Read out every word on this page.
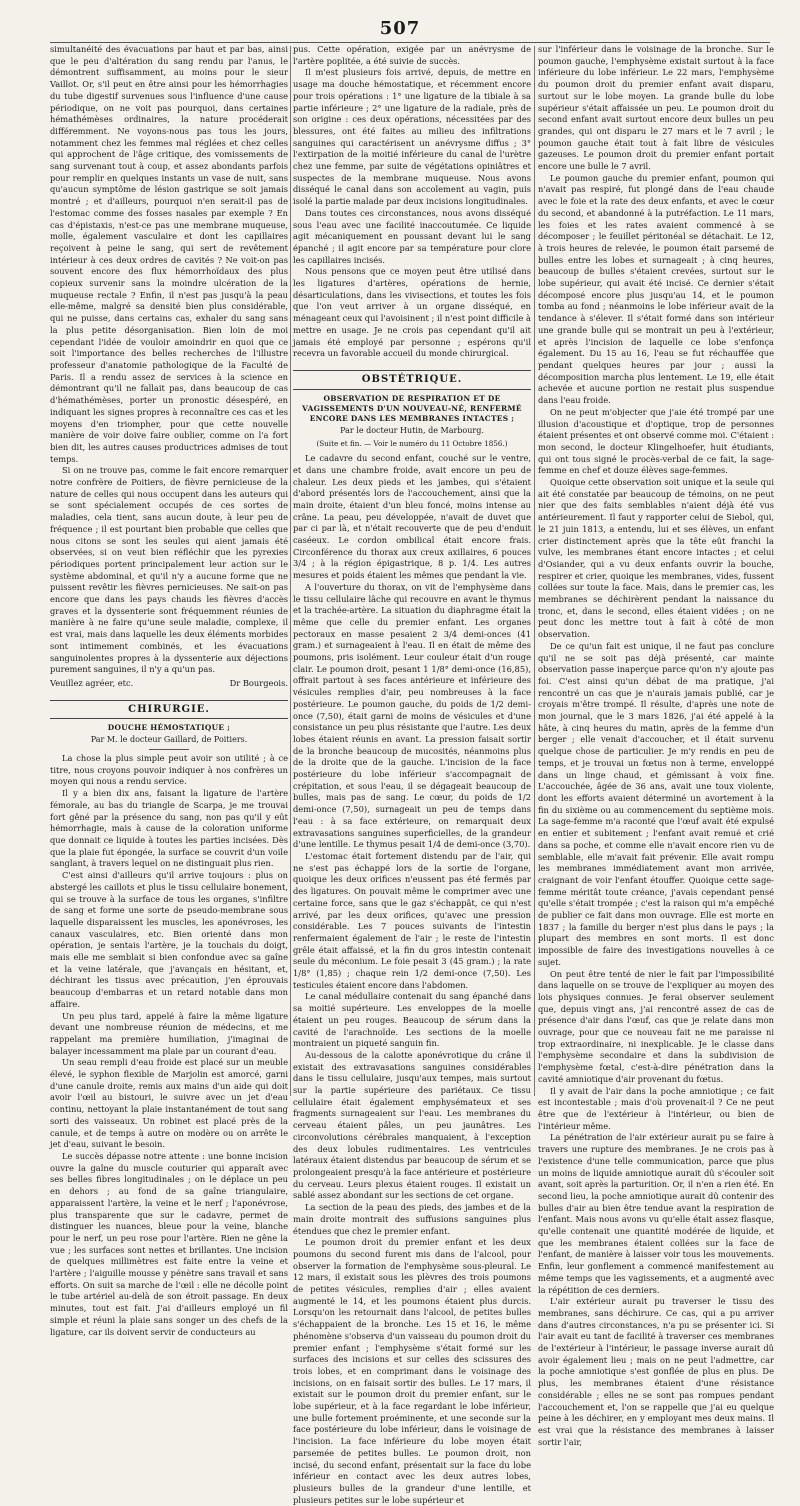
507

simultanéité des évacuations par haut et par bas, ainsi que le peu d'altération du sang rendu par l'anus, le démontrent suffisamment, au moins pour le sieur Vaillot. Or, s'il peut en être ainsi pour les hémorrhagies du tube digestif survenues sous l'influence d'une cause périodique, on ne voit pas pourquoi, dans certaines hémathémèses ordinaires, la nature procéderait différemment. Ne voyons-nous pas tous les jours, notamment chez les femmes mal réglées et chez celles qui approchent de l'âge critique, des vomissements de sang survenant tout à coup, et assez abondants parfois pour remplir en quelques instants un vase de nuit, sans qu'aucun symptôme de lésion gastrique se soit jamais montré ; et d'ailleurs, pourquoi n'en serait-il pas de l'estomac comme des fosses nasales par exemple ? En cas d'épistaxis, n'est-ce pas une membrane muqueuse, molle, également vasculaire et dont les capillaires reçoivent à peine le sang, qui sert de revêtement intérieur à ces deux ordres de cavités ? Ne voit-on pas souvent encore des flux hémorrhoïdaux des plus copieux survenir sans la moindre ulcération de la muqueuse rectale ? Enfin, il n'est pas jusqu'à la peau elle-même, malgré sa densité bien plus considérable, qui ne puisse, dans certains cas, exhaler du sang sans la plus petite désorganisation. Bien loin de moi cependant l'idée de vouloir amoindrir en quoi que ce soit l'importance des belles recherches de l'illustre professeur d'anatomie pathologique de la Faculté de Paris. Il a rendu assez de services à la science en démontrant qu'il ne fallait pas, dans beaucoup de cas d'hémathémèses, porter un pronostic désespéré, en indiquant les signes propres à reconnaître ces cas et les moyens d'en triompher, pour que cette nouvelle manière de voir doive faire oublier, comme on l'a fort bien dit, les autres causes productrices admises de tout temps.

Si on ne trouve pas, comme le fait encore remarquer notre confrère de Poitiers, de fièvre pernicieuse de la nature de celles qui nous occupent dans les auteurs qui se sont spécialement occupés de ces sortes de maladies, cela tient, sans aucun doute, à leur peu de fréquence ; il est pourtant bien probable que celles que nous citons se sont les seules qui aient jamais été observées, si on veut bien réfléchir que les pyrexies périodiques portent principalement leur action sur le système abdominal, et qu'il n'y a aucune forme que ne puissent revêtir les fièvres pernicieuses. Ne sait-on pas encore que dans les pays chauds les fièvres d'accès graves et la dyssenterie sont fréquemment réunies de manière à ne faire qu'une seule maladie, complexe, il est vrai, mais dans laquelle les deux éléments morbides sont intimement combinés, et les évacuations sanguinolentes propres à la dyssenterie aux déjections purement sanguines, il n'y a qu'un pas.

Veuillez agréer, etc.	Dr Bourgeois.
CHIRURGIE.
DOUCHE HÉMOSTATIQUE ;

Par M. le docteur Gaillard, de Poitiers.

La chose la plus simple peut avoir son utilité ; à ce titre, nous croyons pouvoir indiquer à nos confrères un moyen qui nous a rendu service.

Il y a bien dix ans, faisant la ligature de l'artère fémorale, au bas du triangle de Scarpa, je me trouvai fort gêné par la présence du sang, non pas qu'il y eût hémorrhagie, mais à cause de la coloration uniforme que donnait ce liquide à toutes les parties incisées. Dès que la plaie fut épongée, la surface se couvrit d'un voile sanglant, à travers lequel on ne distinguait plus rien.

C'est ainsi d'ailleurs qu'il arrive toujours : plus on abstergé les caillots et plus le tissu cellulaire bonement, qui se trouve à la surface de tous les organes, s'infiltre de sang et forme une sorte de pseudo-membrane sous laquelle disparaissent les muscles, les aponévroses, les canaux vasculaires, etc. Bien orienté dans mon opération, je sentais l'artère, je la touchais du doigt, mais elle me semblait si bien confondue avec sa gaîne et la veine latérale, que j'avançais en hésitant, et, déchirant les tissus avec précaution, j'en éprouvais beaucoup d'embarras et un retard notable dans mon affaire.

Un peu plus tard, appelé à faire la même ligature devant une nombreuse réunion de médecins, et me rappelant ma première humiliation, j'imaginai de balayer incessamment ma plaie par un courant d'eau.

Un seau rempli d'eau froide est placé sur un meuble élevé, le syphon flexible de Marjolin est amorcé, garni d'une canule droite, remis aux mains d'un aide qui doit avoir l'œil au bistouri, le suivre avec un jet d'eau continu, nettoyant la plaie instantanément de tout sang sorti des vaisseaux. Un robinet est placé près de la canule, et de temps à autre on modère ou on arrête le jet d'eau, suivant le besoin.

Le succès dépasse notre attente : une bonne incision ouvre la gaîne du muscle couturier qui apparaît avec ses belles fibres longitudinales ; on le déplace un peu en dehors ; au fond de sa gaîne triangulaire, apparaissent l'artère, la veine et le nerf ; l'aponévrose, plus transparente que sur le cadavre, permet de distinguer les nuances, bleue pour la veine, blanche pour le nerf, un peu rose pour l'artère. Rien ne gêne la vue ; les surfaces sont nettes et brillantes. Une incision de quelques millimètres est faite entre la veine et l'artère ; l'aiguille mousse y pénètre sans travail et sans efforts. On suit sa marche de l'œil : elle ne décolle point le tube artériel au-delà de son étroit passage. En deux minutes, tout est fait. J'ai d'ailleurs employé un fil simple et réuni la plaie sans songer un des chefs de la ligature, car ils doivent servir de conducteurs au

pus. Cette opération, exigée par un anévrysme de l'artère poplitée, a été suivie de succès.

Il m'est plusieurs fois arrivé, depuis, de mettre en usage ma douche hémostatique, et récemment encore pour trois opérations : 1° une ligature de la tibiale à sa partie inférieure ; 2° une ligature de la radiale, près de son origine : ces deux opérations, nécessitées par des blessures, ont été faites au milieu des infiltrations sanguines qui caractérisent un anévrysme diffus ; 3° l'extirpation de la moitié inférieure du canal de l'urètre chez une femme, par suite de végétations opiniâtres et suspectes de la membrane muqueuse. Nous avons disséqué le canal dans son accolement au vagin, puis isolé la partie malade par deux incisions longitudinales.

Dans toutes ces circonstances, nous avons disséqué sous l'eau avec une facilité inaccoutumée. Ce liquide agit mécaniquement en poussant devant lui le sang épanché ; il agit encore par sa température pour clore les capillaires incisés.

Nous pensons que ce moyen peut être utilisé dans les ligatures d'artères, opérations de hernie, désarticulations, dans les vivisections, et toutes les fois que l'on veut arriver à un organe disséqué, en ménageant ceux qui l'avoisinent ; il n'est point difficile à mettre en usage. Je ne crois pas cependant qu'il ait jamais été employé par personne ; espérons qu'il recevra un favorable accueil du monde chirurgical.

OBSTÉTRIQUE.
OBSERVATION DE RESPIRATION ET DE VAGISSEMENTS D'UN NOUVEAU-NÉ, RENFERMÉ ENCORE DANS LES MEMBRANES INTACTES ;

Par le docteur Hutin, de Marbourg.

(Suite et fin. — Voir le numéro du 11 Octobre 1856.)

Le cadavre du second enfant, couché sur le ventre, et dans une chambre froide, avait encore un peu de chaleur. Les deux pieds et les jambes, qui s'étaient d'abord présentés lors de l'accouchement, ainsi que la main droite, étaient d'un bleu foncé, moins intense au crâne. La peau, peu développée, n'avait de duvet que par ci par là, et n'était recouverte que de peu d'enduit caséeux. Le cordon ombilical était encore frais. Circonférence du thorax aux creux axillaires, 6 pouces 3/4 ; à la région épigastrique, 8 p. 1/4. Les autres mesures et poids étaient les mêmes que pendant la vie.

A l'ouverture du thorax, on vit de l'emphysème dans le tissu cellulaire lâche qui recouvre en avant le thymus et la trachée-artère. La situation du diaphragme était la même que celle du premier enfant. Les organes pectoraux en masse pesaient 2 3/4 demi-onces (41 gram.) et surnageaient à l'eau. Il en était de même des poumons, pris isolément. Leur couleur était d'un rouge clair. Le poumon droit, pesant 1 1/8° demi-once (16,85), offrait partout à ses faces antérieure et inférieure des vésicules remplies d'air, peu nombreuses à la face postérieure. Le poumon gauche, du poids de 1/2 demi-once (7,50), était garni de moins de vésicules et d'une consistance un peu plus résistante que l'autre. Les deux lobes étaient réunis en avant. La pression faisait sortir de la bronche beaucoup de mucosités, néanmoins plus de la droite que de la gauche. L'incision de la face postérieure du lobe inférieur s'accompagnait de crépitation, et sous l'eau, il se dégageait beaucoup de bulles, mais pas de sang. Le cœur, du poids de 1/2 demi-once (7,50), surnageait un peu de temps dans l'eau : à sa face extérieure, on remarquait deux extravasations sanguines superficielles, de la grandeur d'une lentille. Le thymus pesait 1/4 de demi-once (3,70).

L'estomac était fortement distendu par de l'air, qui ne s'est pas échappé lors de la sortie de l'organe, quoique les deux orifices n'eussent pas été fermés par des ligatures. On pouvait même le comprimer avec une certaine force, sans que le gaz s'échappât, ce qui n'est arrivé, par les deux orifices, qu'avec une pression considérable. Les 7 pouces suivants de l'intestin renfermaient également de l'air ; le reste de l'intestin grêle était affaissé, et la fin du gros intestin contenait seule du méconium. Le foie pesait 3 (45 gram.) ; la rate 1/8° (1,85) ; chaque rein 1/2 demi-once (7,50). Les testicules étaient encore dans l'abdomen.

Le canal médullaire contenait du sang épanché dans sa moitié supérieure. Les enveloppes de la moelle étaient un peu rouges. Beaucoup de sérum dans la cavité de l'arachnoïde. Les sections de la moelle montraient un piqueté sanguin fin.

Au-dessous de la calotte aponévrotique du crâne il existait des extravasations sanguines considérables dans le tissu cellulaire, jusqu'aux tempes, mais surtout sur la partie supérieure des pariétaux. Ce tissu cellulaire était également emphysémateux et ses fragments surnageaient sur l'eau. Les membranes du cerveau étaient pâles, un peu jaunâtres. Les circonvolutions cérébrales manquaient, à l'exception des deux lobules rudimentaires. Les ventricules latéraux étaient distendus par beaucoup de sérum et se prolongeaient presqu'à la face antérieure et postérieure du cerveau. Leurs plexus étaient rouges. Il existait un sablé assez abondant sur les sections de cet organe.

La section de la peau des pieds, des jambes et de la main droite montrait des suffusions sanguines plus étendues que chez le premier enfant.

Le poumon droit du premier enfant et les deux poumons du second furent mis dans de l'alcool, pour observer la formation de l'emphysème sous-pleural. Le 12 mars, il existait sous les plèvres des trois poumons de petites vésicules, remplies d'air ; elles avaient augmenté le 14, et les poumons étaient plus durcis. Lorsqu'on les retournait dans l'alcool, de petites bulles s'échappaient de la bronche. Les 15 et 16, le même phénomène s'observa d'un vaisseau du poumon droit du premier enfant ; l'emphysème s'était formé sur les surfaces des incisions et sur celles des scissures des trois lobes, et en comprimant dans le voisinage des incisions, on en faisait sortir des bulles. Le 17 mars, il existait sur le poumon droit du premier enfant, sur le lobe supérieur, et à la face regardant le lobe inférieur, une bulle fortement proéminente, et une seconde sur la face postérieure du lobe inférieur, dans le voisinage de l'incision. La face inférieure du lobe moyen était parsemée de petites bulles. Le poumon droit, non incisé, du second enfant, présentait sur la face du lobe inférieur en contact avec les deux autres lobes, plusieurs bulles de la grandeur d'une lentille, et plusieurs petites sur le lobe supérieur et

sur l'inférieur dans le voisinage de la bronche. Sur le poumon gauche, l'emphysème existait surtout à la face inférieure du lobe inférieur. Le 22 mars, l'emphysème du poumon droit du premier enfant avait disparu, surtout sur le lobe moyen. La grande bulle du lobe supérieur s'était affaissée un peu. Le poumon droit du second enfant avait surtout encore deux bulles un peu grandes, qui ont disparu le 27 mars et le 7 avril ; le poumon gauche était tout à fait libre de vésicules gazeuses. Le poumon droit du premier enfant portait encore une bulle le 7 avril.

Le poumon gauche du premier enfant, poumon qui n'avait pas respiré, fut plongé dans de l'eau chaude avec le foie et la rate des deux enfants, et avec le cœur du second, et abandonné à la putréfaction. Le 11 mars, les foies et les rates avaient commencé à se décomposer ; le feuillet péritonéal se détachait. Le 12, à trois heures de relevée, le poumon était parsemé de bulles entre les lobes et surnageait ; à cinq heures, beaucoup de bulles s'étaient crevées, surtout sur le lobe supérieur, qui avait été incisé. Ce dernier s'était décomposé encore plus jusqu'au 14, et le poumon tomba au fond ; néanmoins le lobe inférieur avait de la tendance à s'élever. Il s'était formé dans son intérieur une grande bulle qui se montrait un peu à l'extérieur, et après l'incision de laquelle ce lobe s'enfonça également. Du 15 au 16, l'eau se fut réchauffée que pendant quelques heures par jour ; aussi la décomposition marcha plus lentement. Le 19, elle était achevée et aucune portion ne restait plus suspendue dans l'eau froide.

On ne peut m'objecter que j'aie été trompé par une illusion d'acoustique et d'optique, trop de personnes étaient présentes et ont observé comme moi. C'étaient : mon second, le docteur Klingelhoefer, huit étudiants, qui ont tous signé le procès-verbal de ce fait, la sage-femme en chef et douze élèves sage-femmes.

Quoique cette observation soit unique et la seule qui ait été constatée par beaucoup de témoins, on ne peut nier que des faits semblables n'aient déjà été vus antérieurement. Il faut y rapporter celui de Siebol, qui, le 21 juin 1813, a entendu, lui et ses élèves, un enfant crier distinctement après que la tête eût franchi la vulve, les membranes étant encore intactes ; et celui d'Osiander, qui a vu deux enfants ouvrir la bouche, respirer et crier, quoique les membranes, vides, fussent collées sur toute la face. Mais, dans le premier cas, les membranes se déchirèrent pendant la naissance du tronc, et, dans le second, elles étaient vidées ; on ne peut donc les mettre tout à fait à côté de mon observation.

De ce qu'un fait est unique, il ne faut pas conclure qu'il ne se soit pas déjà présenté, car mainte observation passe inaperçue parce qu'on n'y ajoute pas foi. C'est ainsi qu'un débat de ma pratique, j'ai rencontré un cas que je n'aurais jamais publié, car je croyais m'être trompé. Il résulte, d'après une note de mon journal, que le 3 mars 1826, j'ai été appelé à la hâte, à cinq heures du matin, après de la femme d'un berger ; elle venait d'accoucher, et il était survenu quelque chose de particulier. Je m'y rendis en peu de temps, et je trouvai un fœtus non à terme, enveloppé dans un linge chaud, et gémissant à voix fine. L'accouchée, âgée de 36 ans, avait une toux violente, dont les efforts avaient déterminé un avortement à la fin du sixième ou au commencement du septième mois. La sage-femme m'a raconté que l'œuf avait été expulsé en entier et subitement ; l'enfant avait remué et crié dans sa poche, et comme elle n'avait encore rien vu de semblable, elle m'avait fait prévenir. Elle avait rompu les membranes immédiatement avant mon arrivée, craignant de voir l'enfant étouffer. Quoique cette sage-femme méritât toute créance, j'avais cependant pensé qu'elle s'était trompée ; c'est la raison qui m'a empêché de publier ce fait dans mon ouvrage. Elle est morte en 1837 ; la famille du berger n'est plus dans le pays ; la plupart des membres en sont morts. Il est donc impossible de faire des investigations nouvelles à ce sujet.

On peut être tenté de nier le fait par l'impossibilité dans laquelle on se trouve de l'expliquer au moyen des lois physiques connues. Je ferai observer seulement que, depuis vingt ans, j'ai rencontré assez de cas de présence d'air dans l'œuf, cas que je relate dans mon ouvrage, pour que ce nouveau fait ne me paraisse ni trop extraordinaire, ni inexplicable. Je le classe dans l'emphysème secondaire et dans la subdivision de l'emphysème fœtal, c'est-à-dire pénétration dans la cavité amniotique d'air provenant du fœtus.

Il y avait de l'air dans la poche amniotique ; ce fait est incontestable ; mais d'où provenait-il ? Ce ne peut être que de l'extérieur à l'intérieur, ou bien de l'intérieur même.

La pénétration de l'air extérieur aurait pu se faire à travers une rupture des membranes. Je ne crois pas à l'existence d'une telle communication, parce que plus un moins de liquide amniotique aurait dû s'écouler soit avant, soit après la parturition. Or, il n'en a rien été. En second lieu, la poche amniotique aurait dû contenir des bulles d'air au bien être tendue avant la respiration de l'enfant. Mais nous avons vu qu'elle était assez flasque, qu'elle contenait une quantité modérée de liquide, et que les membranes étaient collées sur la face de l'enfant, de manière à laisser voir tous les mouvements. Enfin, leur gonflement a commencé manifestement au même temps que les vagissements, et a augmenté avec la répétition de ces derniers.

L'air extérieur aurait pu traverser le tissu des membranes, sans déchirure. Ce cas, qui a pu arriver dans d'autres circonstances, n'a pu se présenter ici. Si l'air avait eu tant de facilité à traverser ces membranes de l'extérieur à l'intérieur, le passage inverse aurait dû avoir également lieu ; mais on ne peut l'admettre, car la poche amniotique s'est gonflée de plus en plus. De plus, les membranes étaient d'une résistance considérable ; elles ne se sont pas rompues pendant l'accouchement et, l'on se rappelle que j'ai eu quelque peine à les déchirer, en y employant mes deux mains. Il est vrai que la résistance des membranes à laisser sortir l'air,
